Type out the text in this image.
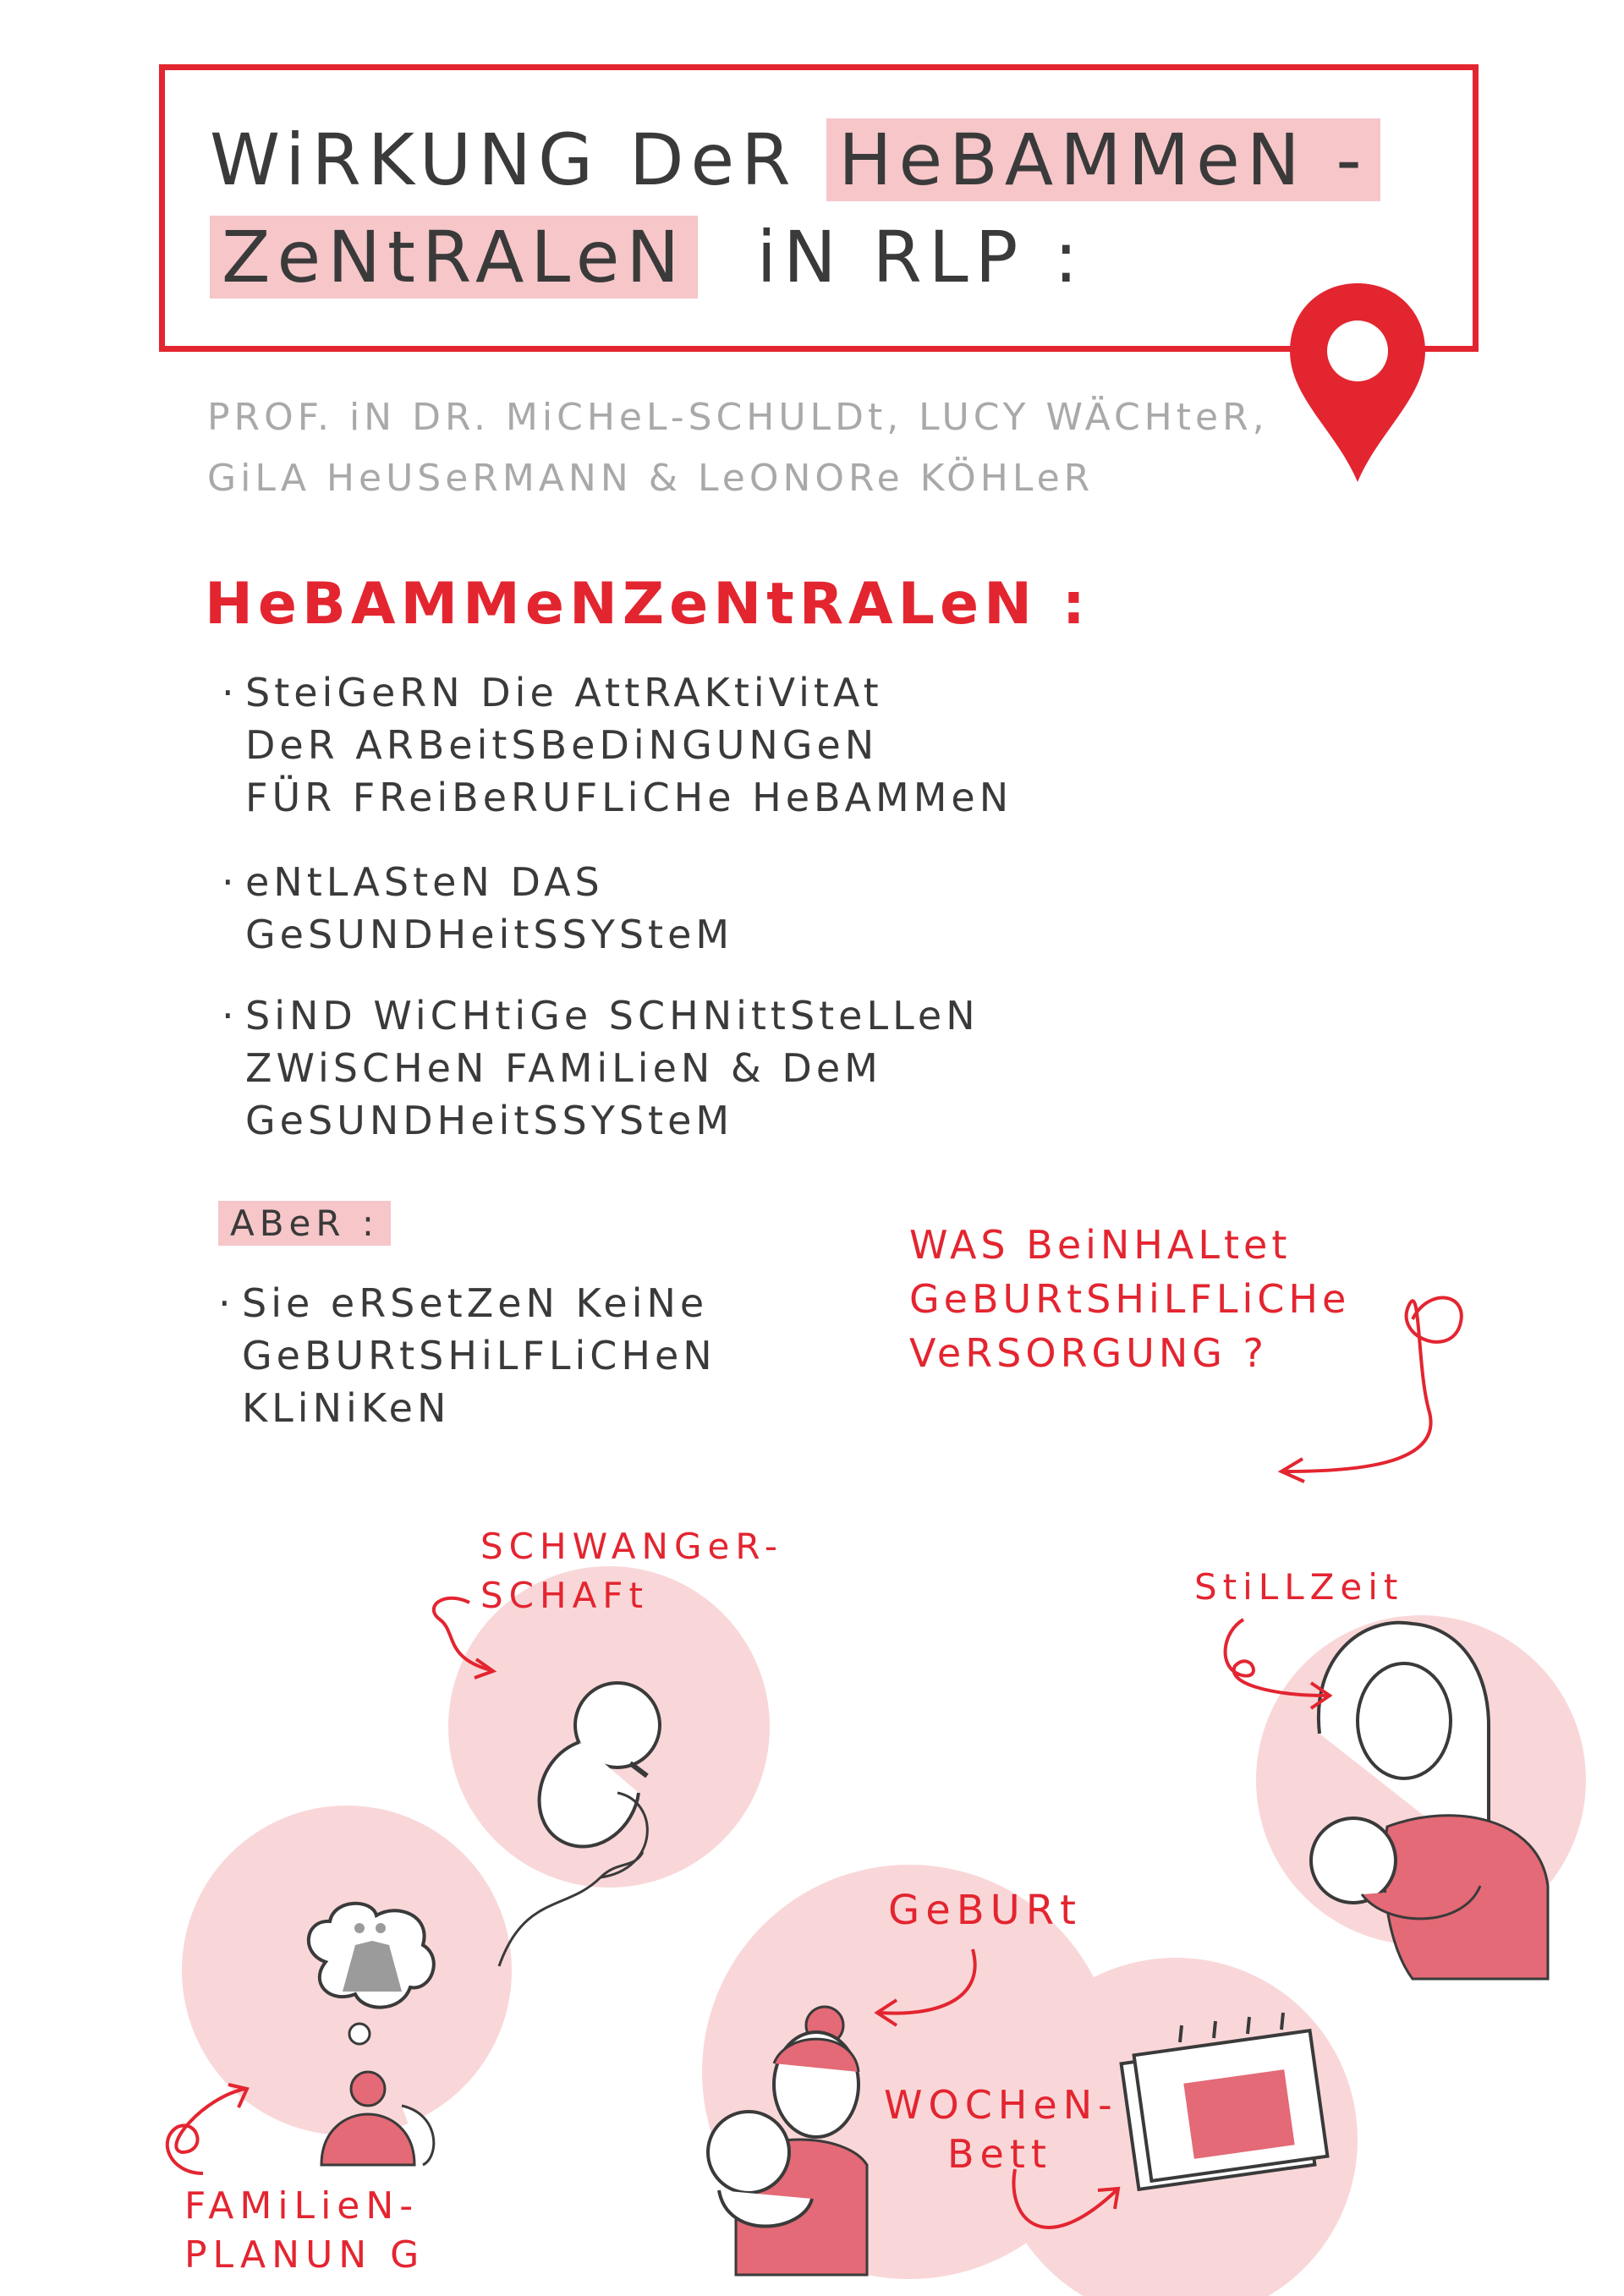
WiRKUNG DeR HeBAMMeN -
ZeNtRALeN iN RLP :
PROF. iN DR. MiCHeL-SCHULDt, LUCY WÄCHteR,
GiLA HeUSeRMANN & LeONORe KÖHLeR
HeBAMMeNZeNtRALeN :
· SteiGeRN Die AttRAKtiVitAt
DeR ARBeitSBeDiNGUNGeN
FÜR FReiBeRUFLiCHe HeBAMMeN
· eNtLASteN DAS
GeSUNDHeitSSYSteM
· SiND WiCHtiGe SCHNittSteLLeN
ZWiSCHeN FAMiLieN & DeM
GeSUNDHeitSSYSteM
ABeR :
· Sie eRSetZeN KeiNe
GeBURtSHiLFLiCHeN
KLiNiKeN
WAS BeiNHALtet
GeBURtSHiLFLiCHe
VeRSORGUNG ?
SCHWANGeR-
SCHAFt	StiLLZeit
GeBURt
WOCHeN-
Bett
FAMiLieN-
PLANUN G
